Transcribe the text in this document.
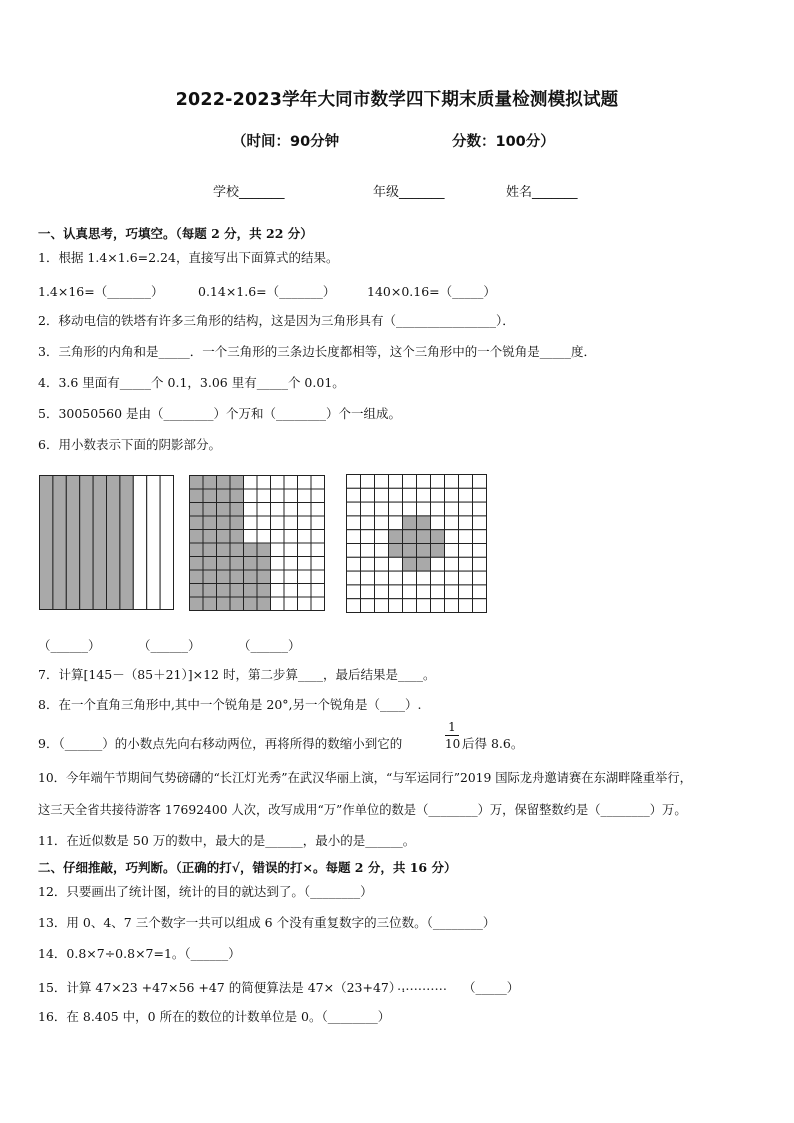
2022-2023学年大同市数学四下期末质量检测模拟试题
（时间：90分钟	分数：100分）
学校_______	年级_______	姓名_______
一、认真思考，巧填空。（每题 2 分，共 22 分）
1．根据 1.4×1.6=2.24，直接写出下面算式的结果。
1.4×16=（_______）	0.14×1.6=（_______）	140×0.16=（_____）
2．移动电信的铁塔有许多三角形的结构，这是因为三角形具有（________________）．
3．三角形的内角和是_____．一个三角形的三条边长度都相等，这个三角形中的一个锐角是_____度．
4．3.6 里面有_____个 0.1，3.06 里有_____个 0.01。
5．30050560 是由（________）个万和（________）个一组成。
6．用小数表示下面的阴影部分。
（______）	（______）	（______）
7．计算[145－（85＋21）]×12 时，第二步算____，最后结果是____。
8．在一个直角三角形中,其中一个锐角是 20°,另一个锐角是（____）.
9．（______）的小数点先向右移动两位，再将所得的数缩小到它的
1
10 后得 8.6。
10．今年端午节期间气势磅礴的“长江灯光秀”在武汉华丽上演，“与军运同行”2019 国际龙舟邀请赛在东湖畔隆重举行，
这三天全省共接待游客 17692400 人次，改写成用“万”作单位的数是（________）万，保留整数约是（________）万。
11．在近似数是 50 万的数中，最大的是______，最小的是______。
二、仔细推敲，巧判断。（正确的打√，错误的打×。每题 2 分，共 16 分）
12．只要画出了统计图，统计的目的就达到了。（________）
13．用 0、4、7 三个数字一共可以组成 6 个没有重复数字的三位数。（________）
14．0.8×7÷0.8×7=1。（______）
15．计算 47×23 +47×56 +47 的简便算法是 47×（23+47）.
………… （_____）
16．在 8.405 中，0 所在的数位的计数单位是 0。（________）
